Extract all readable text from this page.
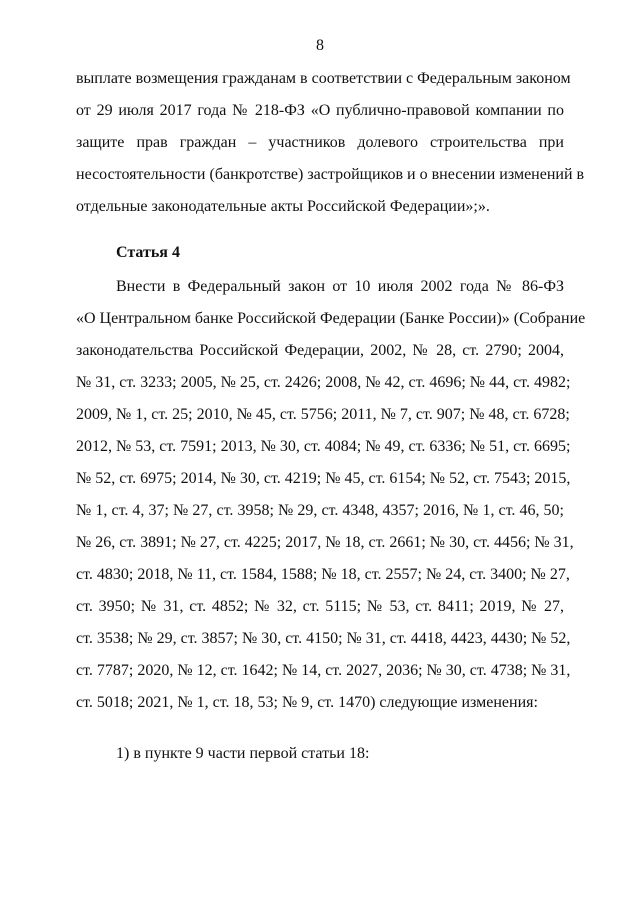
8
выплате возмещения гражданам в соответствии с Федеральным законом
от 29 июля 2017 года № 218-ФЗ «О публично-правовой компании по
защите прав граждан – участников долевого строительства при
несостоятельности (банкротстве) застройщиков и о внесении изменений в
отдельные законодательные акты Российской Федерации»;».
Статья 4
Внести в Федеральный закон от 10 июля 2002 года № 86-ФЗ
«О Центральном банке Российской Федерации (Банке России)» (Собрание
законодательства Российской Федерации, 2002, № 28, ст. 2790; 2004,
№ 31, ст. 3233; 2005, № 25, ст. 2426; 2008, № 42, ст. 4696; № 44, ст. 4982;
2009, № 1, ст. 25; 2010, № 45, ст. 5756; 2011, № 7, ст. 907; № 48, ст. 6728;
2012, № 53, ст. 7591; 2013, № 30, ст. 4084; № 49, ст. 6336; № 51, ст. 6695;
№ 52, ст. 6975; 2014, № 30, ст. 4219; № 45, ст. 6154; № 52, ст. 7543; 2015,
№ 1, ст. 4, 37; № 27, ст. 3958; № 29, ст. 4348, 4357; 2016, № 1, ст. 46, 50;
№ 26, ст. 3891; № 27, ст. 4225; 2017, № 18, ст. 2661; № 30, ст. 4456; № 31,
ст. 4830; 2018, № 11, ст. 1584, 1588; № 18, ст. 2557; № 24, ст. 3400; № 27,
ст. 3950; № 31, ст. 4852; № 32, ст. 5115; № 53, ст. 8411; 2019, № 27,
ст. 3538; № 29, ст. 3857; № 30, ст. 4150; № 31, ст. 4418, 4423, 4430; № 52,
ст. 7787; 2020, № 12, ст. 1642; № 14, ст. 2027, 2036; № 30, ст. 4738; № 31,
ст. 5018; 2021, № 1, ст. 18, 53; № 9, ст. 1470) следующие изменения:
1) в пункте 9 части первой статьи 18:
